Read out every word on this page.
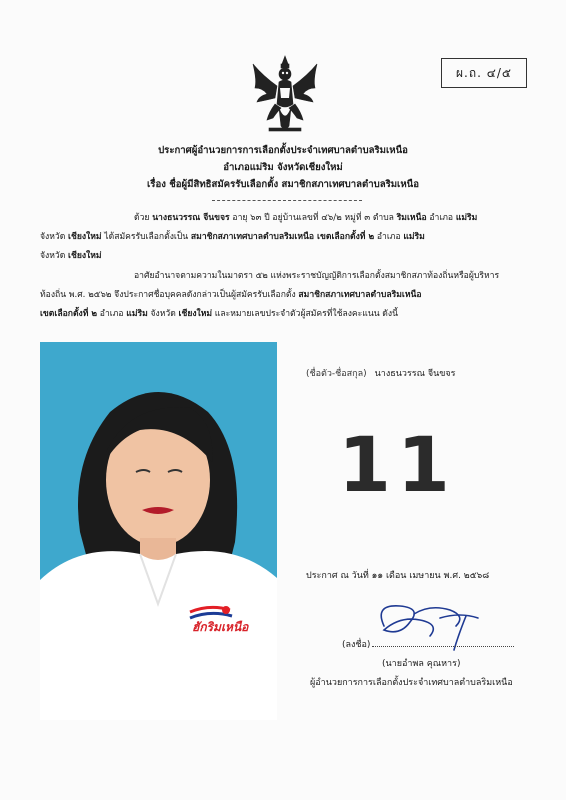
ผ.ถ. ๔/๕
ประกาศผู้อำนวยการการเลือกตั้งประจำเทศบาลตำบลริมเหนือ
อำเภอแม่ริม จังหวัดเชียงใหม่
เรื่อง ชื่อผู้มีสิทธิสมัครรับเลือกตั้ง สมาชิกสภาเทศบาลตำบลริมเหนือ
ด้วย นางธนวรรณ จีนขจร อายุ ๖๓ ปี อยู่บ้านเลขที่ ๔๖/๒ หมู่ที่ ๓ ตำบล ริมเหนือ อำเภอ แม่ริม
จังหวัด เชียงใหม่ ได้สมัครรับเลือกตั้งเป็น สมาชิกสภาเทศบาลตำบลริมเหนือ เขตเลือกตั้งที่ ๒ อำเภอ แม่ริม
จังหวัด เชียงใหม่
อาศัยอำนาจตามความในมาตรา ๕๒ แห่งพระราชบัญญัติการเลือกตั้งสมาชิกสภาท้องถิ่นหรือผู้บริหาร
ท้องถิ่น พ.ศ. ๒๕๖๒ จึงประกาศชื่อบุคคลดังกล่าวเป็นผู้สมัครรับเลือกตั้ง สมาชิกสภาเทศบาลตำบลริมเหนือ
เขตเลือกตั้งที่ ๒ อำเภอ แม่ริม จังหวัด เชียงใหม่ และหมายเลขประจำตัวผู้สมัครที่ใช้ลงคะแนน ดังนี้
ฮักริมเหนือ
(ชื่อตัว-ชื่อสกุล) นางธนวรรณ จีนขจร
11
ประกาศ ณ วันที่ ๑๑ เดือน เมษายน พ.ศ. ๒๕๖๘
(ลงชื่อ)
(นายอำพล คุณหาร)
ผู้อำนวยการการเลือกตั้งประจำเทศบาลตำบลริมเหนือ
